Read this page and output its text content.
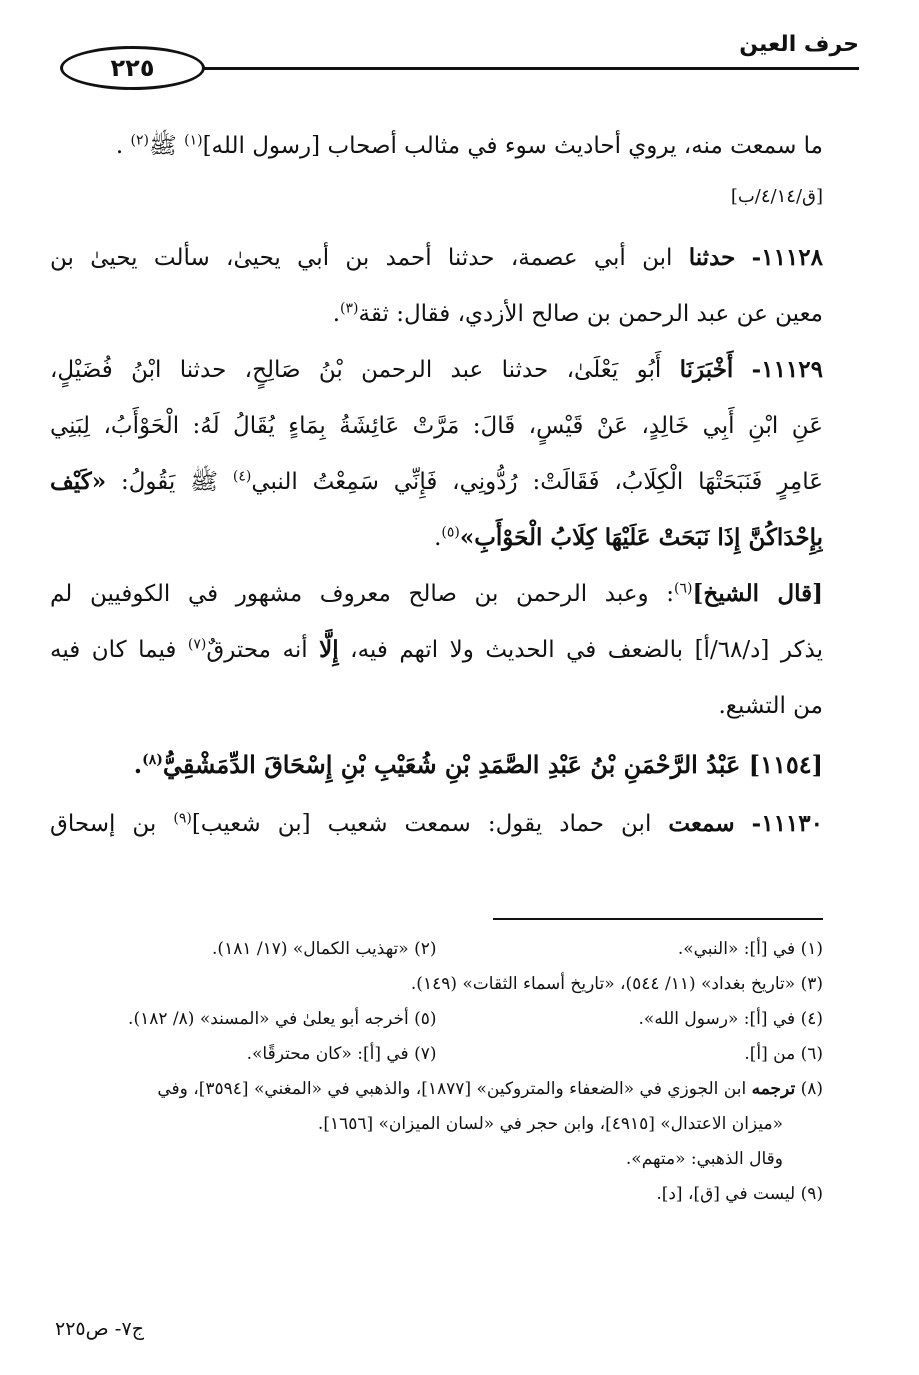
حرف العين
٢٢٥
ما سمعت منه، يروي أحاديث سوء في مثالب أصحاب [رسول الله]$^{(١)}$ ﷺ$^{(٢)}$ .
[ق/٤/١٤/ب]
١١١٢٨- حدثنا ابن أبي عصمة، حدثنا أحمد بن أبي يحيىٰ، سألت يحيىٰ بن
معين عن عبد الرحمن بن صالح الأزدي، فقال: ثقة$^{(٣)}$.
١١١٢٩- أَخْبَرَنَا أَبُو يَعْلَىٰ، حدثنا عبد الرحمن بْنُ صَالِحٍ، حدثنا ابْنُ فُضَيْلٍ،
عَنِ ابْنِ أَبِي خَالِدٍ، عَنْ قَيْسٍ، قَالَ: مَرَّتْ عَائِشَةُ بِمَاءٍ يُقَالُ لَهُ: الْحَوْأَبُ، لِبَنِي
عَامِرٍ فَنَبَحَتْهَا الْكِلَابُ، فَقَالَتْ: رُدُّونِي، فَإِنِّي سَمِعْتُ النبي$^{(٤)}$ ﷺ يَقُولُ: «كَيْف
بِإِحْدَاكُنَّ إِذَا نَبَحَتْ عَلَيْهَا كِلَابُ الْحَوْأَبِ»$^{(٥)}$.
[قال الشيخ]$^{(٦)}$: وعبد الرحمن بن صالح معروف مشهور في الكوفيين لم
يذكر [د/٦٨/أ] بالضعف في الحديث ولا اتهم فيه، إِلَّا أنه محترقٌ$^{(٧)}$ فيما كان فيه
من التشيع.
[١١٥٤] عَبْدُ الرَّحْمَنِ بْنُ عَبْدِ الصَّمَدِ بْنِ شُعَيْبِ بْنِ إِسْحَاقَ الدِّمَشْقِيُّ$^{(٨)}$.
١١١٣٠- سمعت ابن حماد يقول: سمعت شعيب [بن شعيب]$^{(٩)}$ بن إسحاق
(١) في [أ]: «النبي».
(٢) «تهذيب الكمال» (١٧/ ١٨١).
(٣) «تاريخ بغداد» (١١/ ٥٤٤)، «تاريخ أسماء الثقات» (١٤٩).
(٤) في [أ]: «رسول الله».
(٥) أخرجه أبو يعلىٰ في «المسند» (٨/ ١٨٢).
(٦) من [أ].
(٧) في [أ]: «كان محترقًا».
(٨) ترجمه ابن الجوزي في «الضعفاء والمتروكين» [١٨٧٧]، والذهبي في «المغني» [٣٥٩٤]، وفي
«ميزان الاعتدال» [٤٩١٥]، وابن حجر في «لسان الميزان» [١٦٥٦].
وقال الذهبي: «متهم».
(٩) ليست في [ق]، [د].
ج٧- ص٢٢٥
